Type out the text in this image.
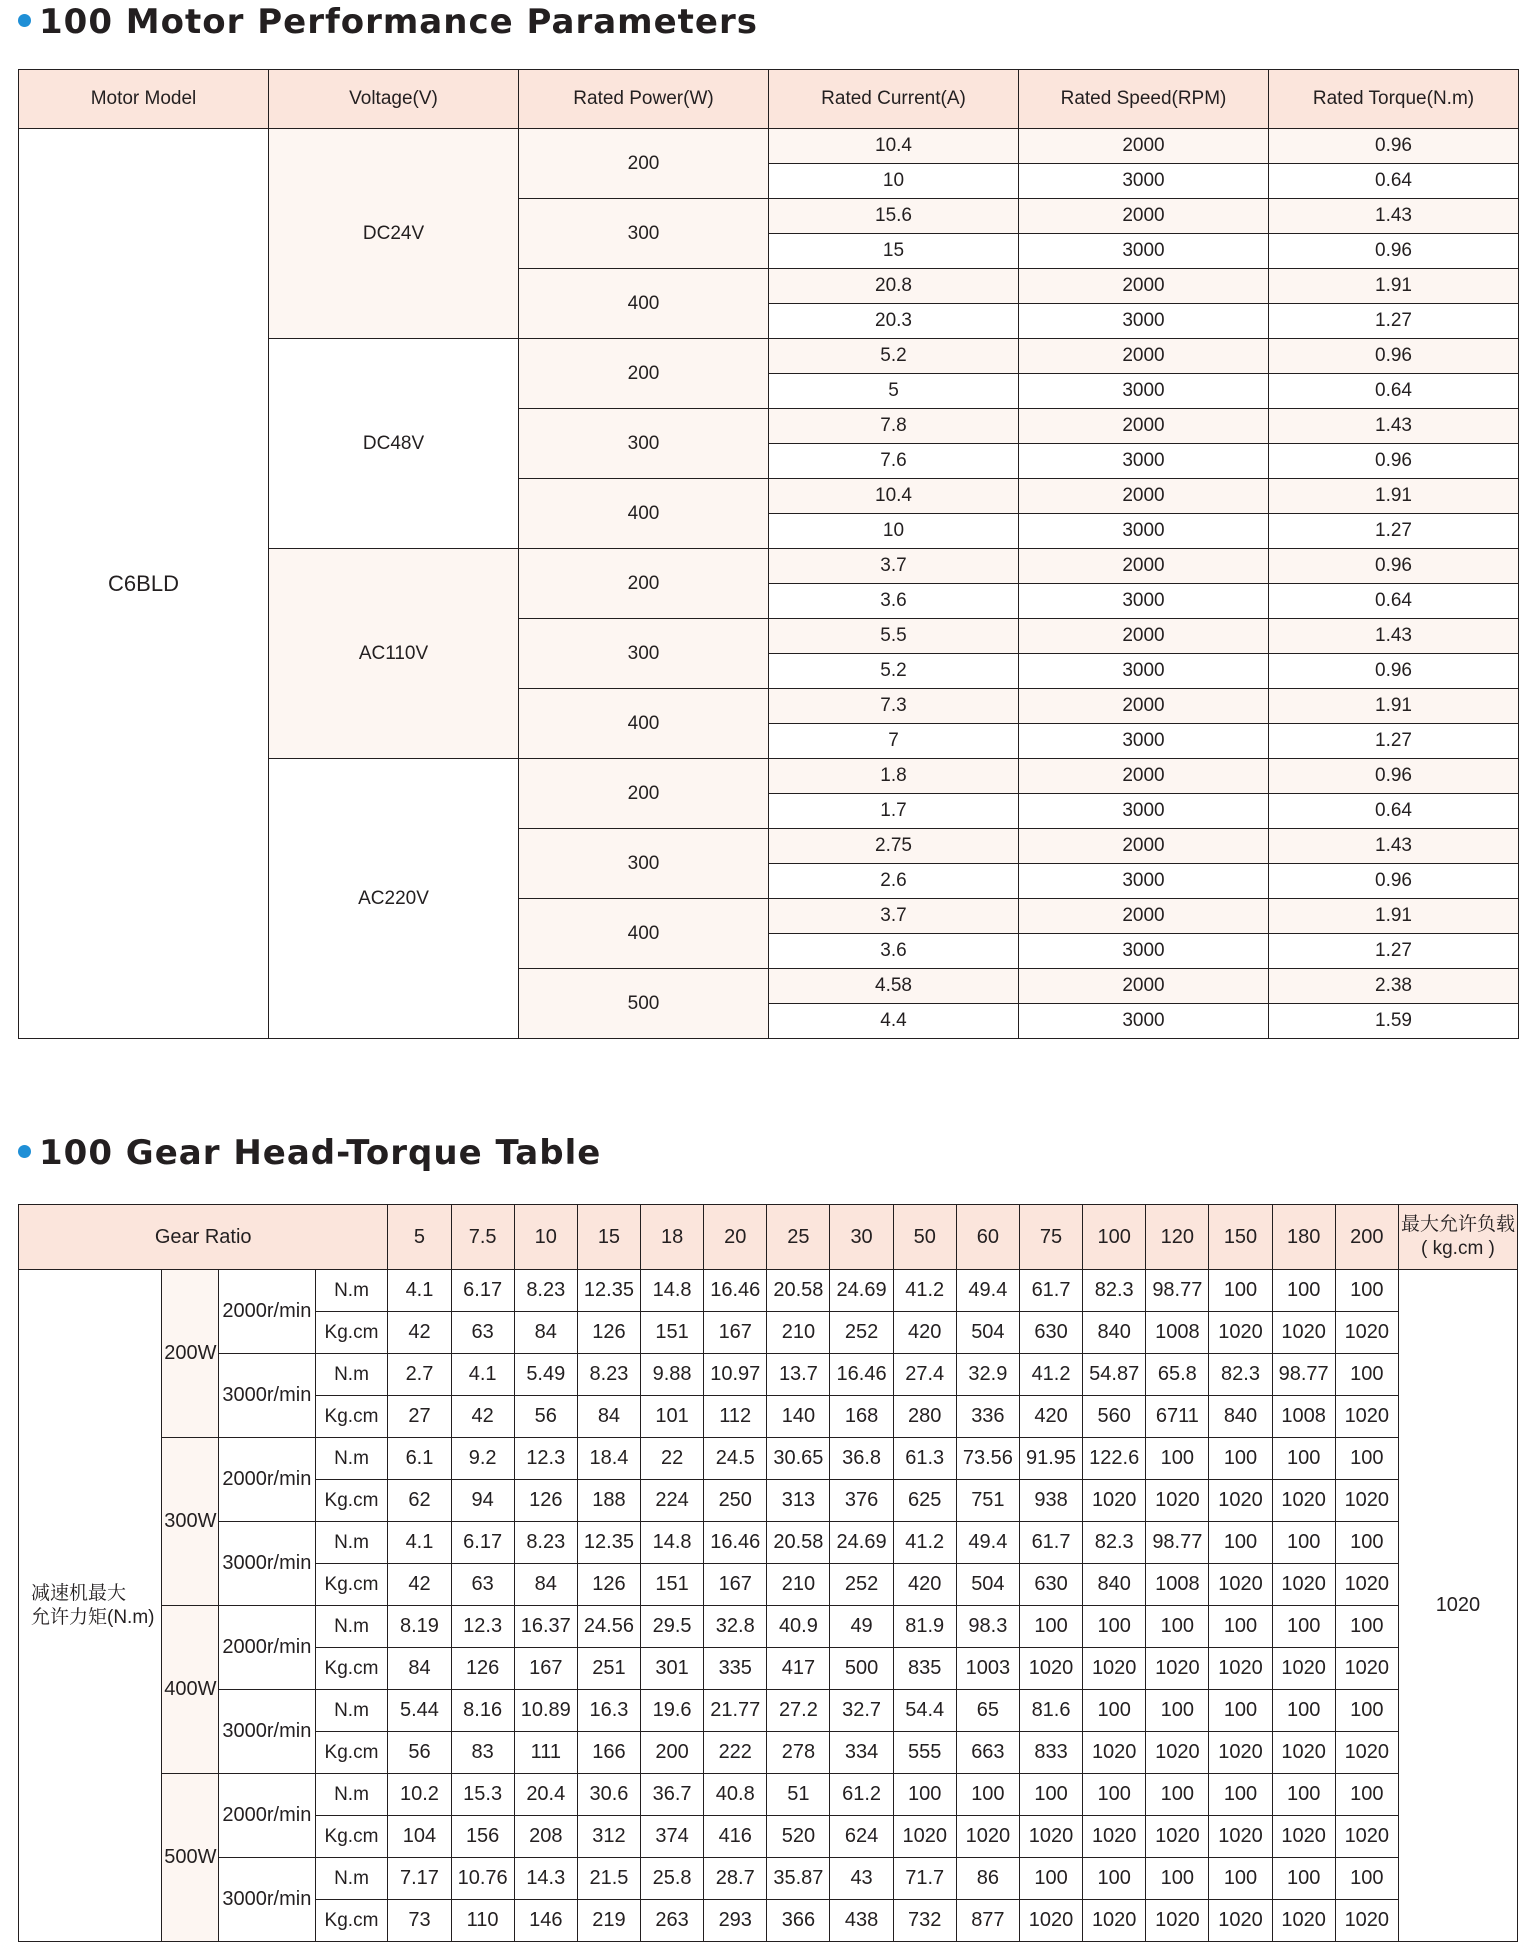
100 Motor Performance Parameters
Motor Model	Voltage(V)	Rated Power(W)	Rated Current(A)	Rated Speed(RPM)	Rated Torque(N.m)
C6BLD	DC24V	200	10.4	2000	0.96
			10	3000	0.64
		300	15.6	2000	1.43
			15	3000	0.96
		400	20.8	2000	1.91
			20.3	3000	1.27
	DC48V	200	5.2	2000	0.96
			5	3000	0.64
		300	7.8	2000	1.43
			7.6	3000	0.96
		400	10.4	2000	1.91
			10	3000	1.27
	AC110V	200	3.7	2000	0.96
			3.6	3000	0.64
		300	5.5	2000	1.43
			5.2	3000	0.96
		400	7.3	2000	1.91
			7	3000	1.27
	AC220V	200	1.8	2000	0.96
			1.7	3000	0.64
		300	2.75	2000	1.43
			2.6	3000	0.96
		400	3.7	2000	1.91
			3.6	3000	1.27
		500	4.58	2000	2.38
			4.4	3000	1.59
100 Gear Head-Torque Table
Gear Ratio				5	7.5	10	15	18	20	25	30	50	60	75	100	120	150	180	200	最大允许负载
( kg.cm )

减速机最大
允许力矩(N.m)	200W	2000r/min	N.m	4.1	6.17	8.23	12.35	14.8	16.46	20.58	24.69	41.2	49.4	61.7	82.3	98.77	100	100	100	1020
			Kg.cm	42	63	84	126	151	167	210	252	420	504	630	840	1008	1020	1020	1020	
		3000r/min	N.m	2.7	4.1	5.49	8.23	9.88	10.97	13.7	16.46	27.4	32.9	41.2	54.87	65.8	82.3	98.77	100	
			Kg.cm	27	42	56	84	101	112	140	168	280	336	420	560	6711	840	1008	1020	
	300W	2000r/min	N.m	6.1	9.2	12.3	18.4	22	24.5	30.65	36.8	61.3	73.56	91.95	122.6	100	100	100	100	
			Kg.cm	62	94	126	188	224	250	313	376	625	751	938	1020	1020	1020	1020	1020	
		3000r/min	N.m	4.1	6.17	8.23	12.35	14.8	16.46	20.58	24.69	41.2	49.4	61.7	82.3	98.77	100	100	100	
			Kg.cm	42	63	84	126	151	167	210	252	420	504	630	840	1008	1020	1020	1020	
	400W	2000r/min	N.m	8.19	12.3	16.37	24.56	29.5	32.8	40.9	49	81.9	98.3	100	100	100	100	100	100	
			Kg.cm	84	126	167	251	301	335	417	500	835	1003	1020	1020	1020	1020	1020	1020	
		3000r/min	N.m	5.44	8.16	10.89	16.3	19.6	21.77	27.2	32.7	54.4	65	81.6	100	100	100	100	100	
			Kg.cm	56	83	111	166	200	222	278	334	555	663	833	1020	1020	1020	1020	1020	
	500W	2000r/min	N.m	10.2	15.3	20.4	30.6	36.7	40.8	51	61.2	100	100	100	100	100	100	100	100	
			Kg.cm	104	156	208	312	374	416	520	624	1020	1020	1020	1020	1020	1020	1020	1020	
		3000r/min	N.m	7.17	10.76	14.3	21.5	25.8	28.7	35.87	43	71.7	86	100	100	100	100	100	100	
			Kg.cm	73	110	146	219	263	293	366	438	732	877	1020	1020	1020	1020	1020	1020	
